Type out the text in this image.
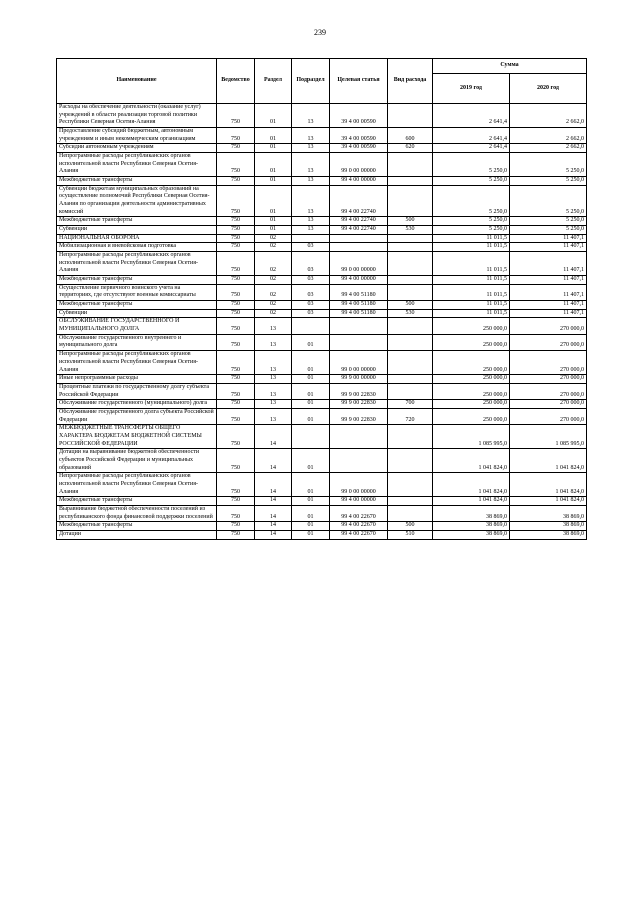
239
Наименование	Ведомство	Раздел	Подраздел	Целевая статья	Вид расхода	Сумма	
						2019 год	2020 год
Расходы на обеспечение деятельности (оказание услуг) учреждений в области реализации торговой политики Республики Северная Осетия-Алания	750	01	13	39 4 00 00590		2 641,4	2 662,0
Предоставление субсидий бюджетным, автономным учреждениям и иным некоммерческим организациям	750	01	13	39 4 00 00590	600	2 641,4	2 662,0
Субсидии автономным учреждениям	750	01	13	39 4 00 00590	620	2 641,4	2 662,0
Непрограммные расходы республиканских органов исполнительной власти Республики Северная Осетия-Алания	750	01	13	99 0 00 00000		5 250,0	5 250,0
Межбюджетные трансферты	750	01	13	99 4 00 00000		5 250,0	5 250,0
Субвенции бюджетам муниципальных образований на осуществление полномочий Республики Северная Осетия-Алания по организации деятельности административных комиссий	750	01	13	99 4 00 22740		5 250,0	5 250,0
Межбюджетные трансферты	750	01	13	99 4 00 22740	500	5 250,0	5 250,0
Субвенции	750	01	13	99 4 00 22740	530	5 250,0	5 250,0
НАЦИОНАЛЬНАЯ ОБОРОНА	750	02				11 011,5	11 407,1
Мобилизационная и вневойсковая подготовка	750	02	03			11 011,5	11 407,1
Непрограммные расходы республиканских органов исполнительной власти Республики Северная Осетия-Алания	750	02	03	99 0 00 00000		11 011,5	11 407,1
Межбюджетные трансферты	750	02	03	99 4 00 00000		11 011,5	11 407,1
Осуществление первичного воинского учета на территориях, где отсутствуют военные комиссариаты	750	02	03	99 4 00 51180		11 011,5	11 407,1
Межбюджетные трансферты	750	02	03	99 4 00 51180	500	11 011,5	11 407,1
Субвенции	750	02	03	99 4 00 51180	530	11 011,5	11 407,1
ОБСЛУЖИВАНИЕ ГОСУДАРСТВЕННОГО И МУНИЦИПАЛЬНОГО ДОЛГА	750	13				250 000,0	270 000,0
Обслуживание государственного внутреннего и муниципального долга	750	13	01			250 000,0	270 000,0
Непрограммные расходы республиканских органов исполнительной власти Республики Северная Осетия-Алания	750	13	01	99 0 00 00000		250 000,0	270 000,0
Иные непрограммные расходы	750	13	01	99 9 00 00000		250 000,0	270 000,0
Процентные платежи по государственному долгу субъекта Российской Федерации	750	13	01	99 9 00 22830		250 000,0	270 000,0
Обслуживание государственного (муниципального) долга	750	13	01	99 9 00 22830	700	250 000,0	270 000,0
Обслуживание государственного долга субъекта Российской Федерации	750	13	01	99 9 00 22830	720	250 000,0	270 000,0
МЕЖБЮДЖЕТНЫЕ ТРАНСФЕРТЫ ОБЩЕГО ХАРАКТЕРА БЮДЖЕТАМ БЮДЖЕТНОЙ СИСТЕМЫ РОССИЙСКОЙ ФЕДЕРАЦИИ	750	14				1 085 995,0	1 085 995,0
Дотации на выравнивание бюджетной обеспеченности субъектов Российской Федерации и муниципальных образований	750	14	01			1 041 824,0	1 041 824,0
Непрограммные расходы республиканских органов исполнительной власти Республики Северная Осетия-Алания	750	14	01	99 0 00 00000		1 041 824,0	1 041 824,0
Межбюджетные трансферты	750	14	01	99 4 00 00000		1 041 824,0	1 041 824,0
Выравнивание бюджетной обеспеченности поселений из республиканского фонда финансовой поддержки поселений	750	14	01	99 4 00 22670		38 869,0	38 869,0
Межбюджетные трансферты	750	14	01	99 4 00 22670	500	38 869,0	38 869,0
Дотации	750	14	01	99 4 00 22670	510	38 869,0	38 869,0
